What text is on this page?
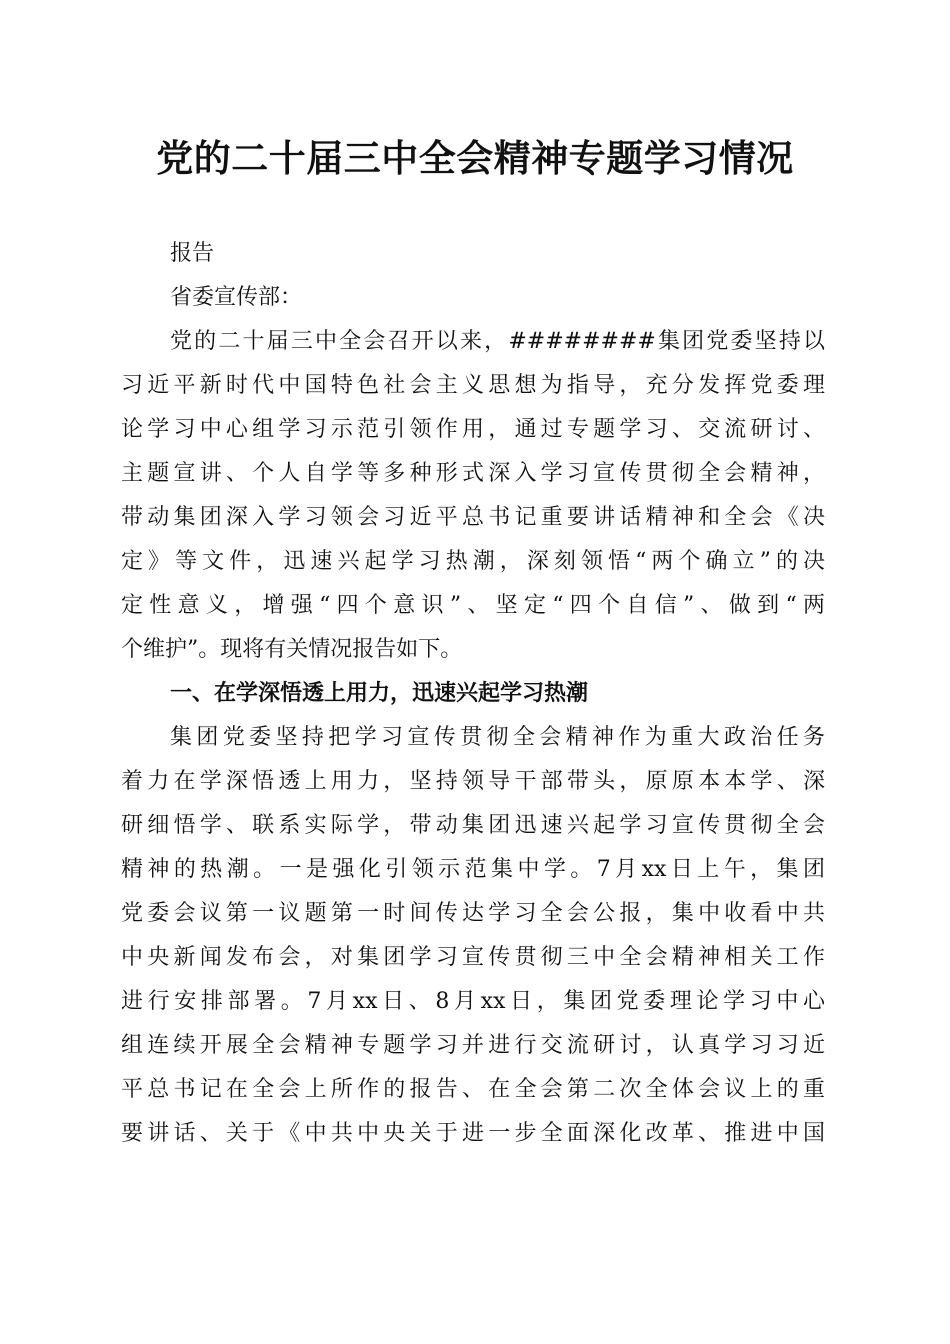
党的二十届三中全会精神专题学习情况

报告

省委宣传部：

党的二十届三中全会召开以来，########集团党委坚持以

习近平新时代中国特色社会主义思想为指导，充分发挥党委理

论学习中心组学习示范引领作用，通过专题学习、交流研讨、

主题宣讲、个人自学等多种形式深入学习宣传贯彻全会精神，

带动集团深入学习领会习近平总书记重要讲话精神和全会《决

定》等文件，迅速兴起学习热潮，深刻领悟“两个确立”的决

定性意义，增强“四个意识”、坚定“四个自信”、做到“两

个维护”。现将有关情况报告如下。

一、在学深悟透上用力，迅速兴起学习热潮

集团党委坚持把学习宣传贯彻全会精神作为重大政治任务

着力在学深悟透上用力，坚持领导干部带头，原原本本学、深

研细悟学、联系实际学，带动集团迅速兴起学习宣传贯彻全会

精神的热潮。一是强化引领示范集中学。7月xx日上午，集团

党委会议第一议题第一时间传达学习全会公报，集中收看中共

中央新闻发布会，对集团学习宣传贯彻三中全会精神相关工作

进行安排部署。7月xx日、8月xx日，集团党委理论学习中心

组连续开展全会精神专题学习并进行交流研讨，认真学习习近

平总书记在全会上所作的报告、在全会第二次全体会议上的重

要讲话、关于《中共中央关于进一步全面深化改革、推进中国
